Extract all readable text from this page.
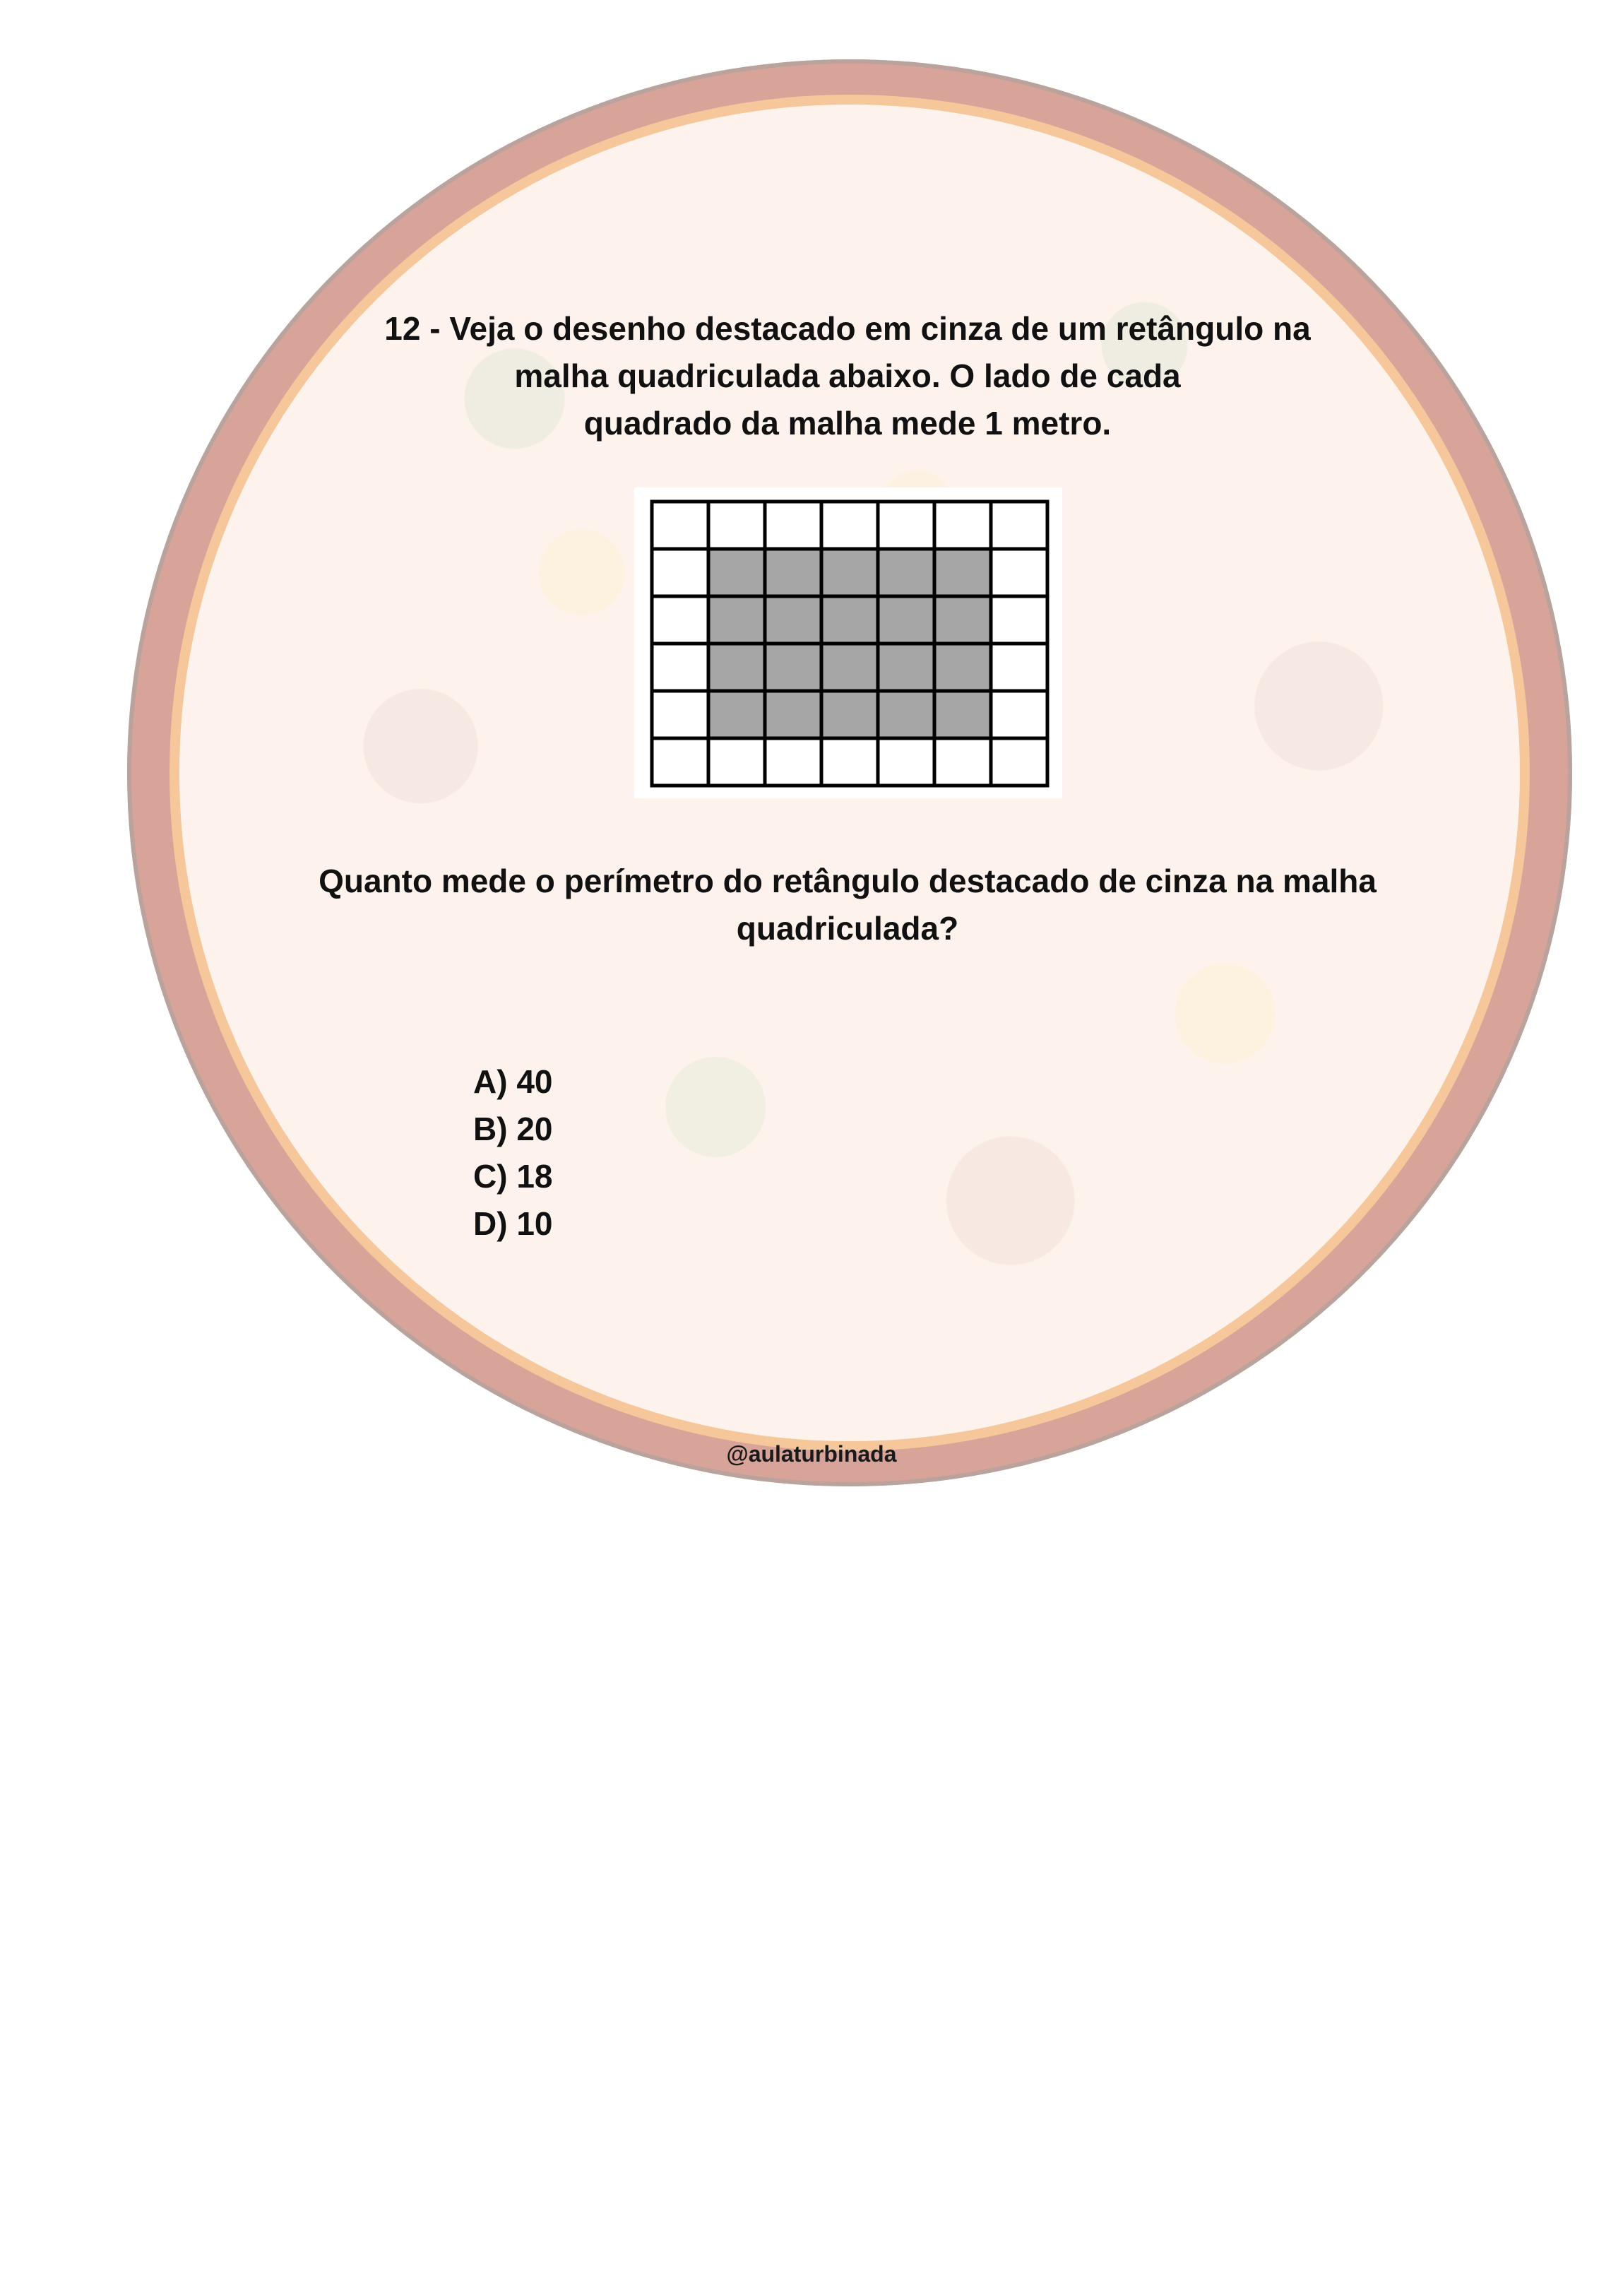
12 - Veja o desenho destacado em cinza de um retângulo na
malha quadriculada abaixo. O lado de cada
quadrado da malha mede 1 metro.
Quanto mede o perímetro do retângulo destacado de cinza na malha
quadriculada?
A) 40
B) 20
C) 18
D) 10
@aulaturbinada
